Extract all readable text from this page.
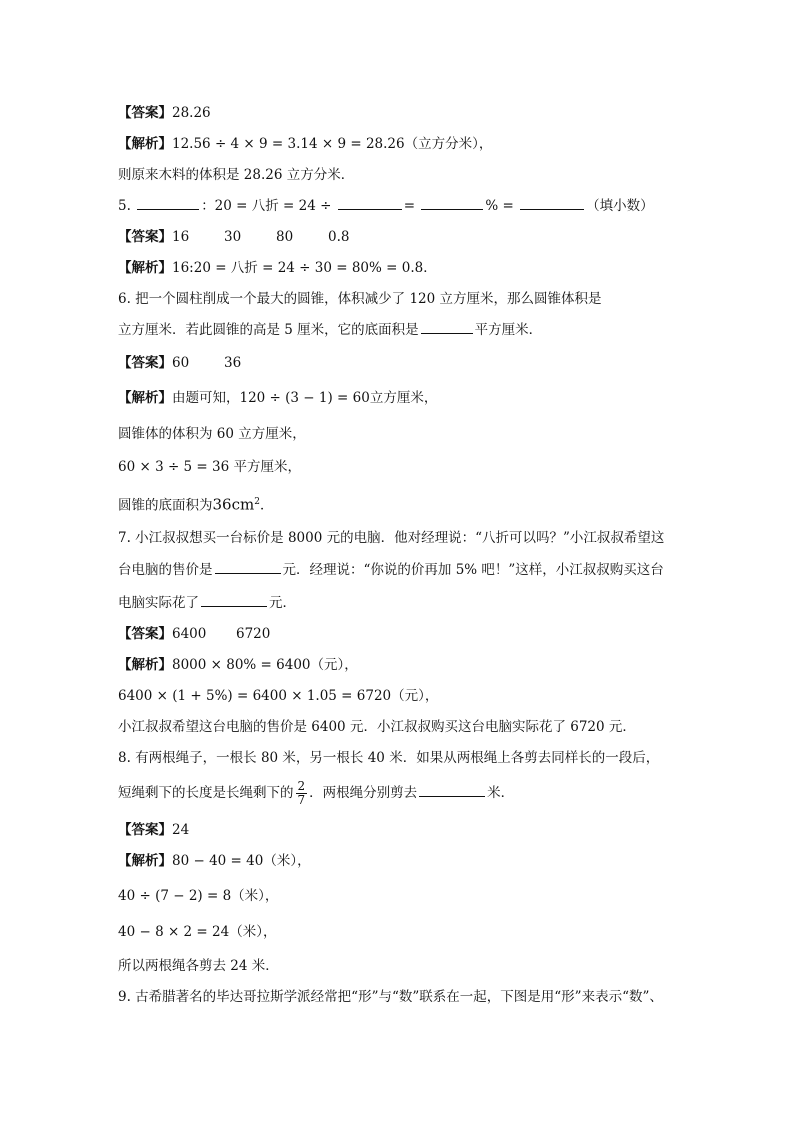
【答案】28.26

【解析】12.56 ÷ 4 × 9 = 3.14 × 9 = 28.26（立方分米），

则原来木料的体积是 28.26 立方分米．

5.	：20 = 八折 = 24 ÷	=	% =	（填小数）

【答案】16	30	80	0.8

【解析】16:20 = 八折 = 24 ÷ 30 = 80% = 0.8．

6. 把一个圆柱削成一个最大的圆锥，体积减少了 120 立方厘米，那么圆锥体积是

立方厘米．若此圆锥的高是 5 厘米，它的底面积是	平方厘米．

【答案】60	36

【解析】由题可知，120 ÷ (3 − 1) = 60立方厘米，

圆锥体的体积为 60 立方厘米，

60 × 3 ÷ 5 = 36 平方厘米，

圆锥的底面积为$36cm^2$．

7. 小江叔叔想买一台标价是 8000 元的电脑．他对经理说：“八折可以吗？”小江叔叔希望这

台电脑的售价是	元．经理说：“你说的价再加 5% 吧！”这样，小江叔叔购买这台

电脑实际花了	元．

【答案】6400 6720

【解析】8000 × 80% = 6400（元），

6400 × (1 + 5%) = 6400 × 1.05 = 6720（元），

小江叔叔希望这台电脑的售价是 6400 元．小江叔叔购买这台电脑实际花了 6720 元．

8. 有两根绳子，一根长 80 米，另一根长 40 米．如果从两根绳上各剪去同样长的一段后，

短绳剩下的长度是长绳剩下的 $\frac{2}{7}$ ．两根绳分别剪去	米．

【答案】24

【解析】80 − 40 = 40（米），

40 ÷ (7 − 2) = 8（米），

40 − 8 × 2 = 24（米），

所以两根绳各剪去 24 米．

9. 古希腊著名的毕达哥拉斯学派经常把“形”与“数”联系在一起，下图是用“形”来表示“数”、
